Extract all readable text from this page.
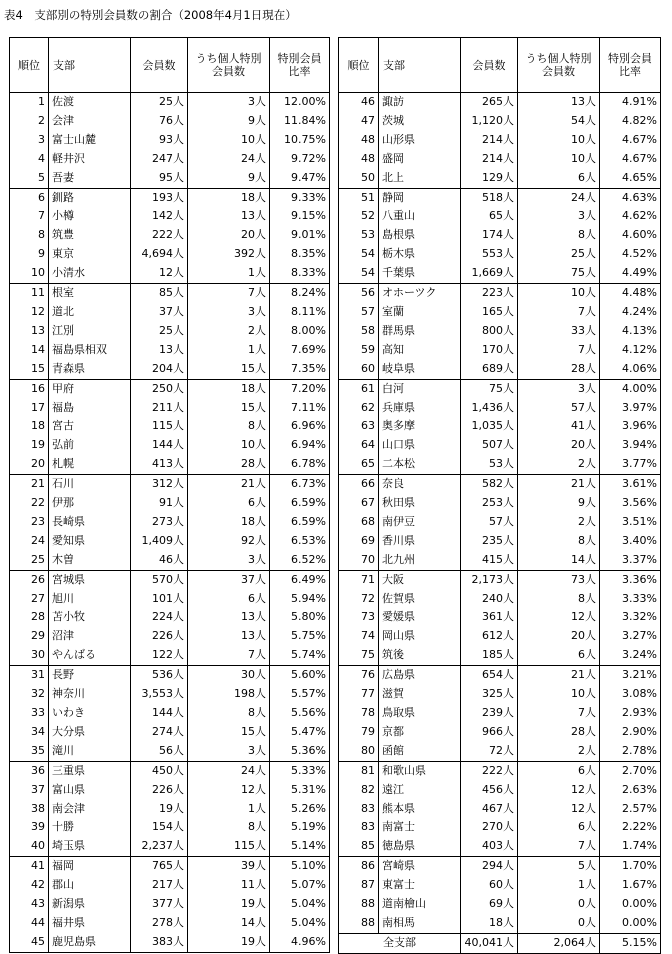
表4　支部別の特別会員数の割合（2008年4月1日現在）
順位	支部	会員数	うち個人特別
会員数	特別会員
比率
1	佐渡	25人	3人	12.00%
2	会津	76人	9人	11.84%
3	富士山麓	93人	10人	10.75%
4	軽井沢	247人	24人	9.72%
5	吾妻	95人	9人	9.47%
6	釧路	193人	18人	9.33%
7	小樽	142人	13人	9.15%
8	筑豊	222人	20人	9.01%
9	東京	4,694人	392人	8.35%
10	小清水	12人	1人	8.33%
11	根室	85人	7人	8.24%
12	道北	37人	3人	8.11%
13	江別	25人	2人	8.00%
14	福島県相双	13人	1人	7.69%
15	青森県	204人	15人	7.35%
16	甲府	250人	18人	7.20%
17	福島	211人	15人	7.11%
18	宮古	115人	8人	6.96%
19	弘前	144人	10人	6.94%
20	札幌	413人	28人	6.78%
21	石川	312人	21人	6.73%
22	伊那	91人	6人	6.59%
23	長崎県	273人	18人	6.59%
24	愛知県	1,409人	92人	6.53%
25	木曽	46人	3人	6.52%
26	宮城県	570人	37人	6.49%
27	旭川	101人	6人	5.94%
28	苫小牧	224人	13人	5.80%
29	沼津	226人	13人	5.75%
30	やんばる	122人	7人	5.74%
31	長野	536人	30人	5.60%
32	神奈川	3,553人	198人	5.57%
33	いわき	144人	8人	5.56%
34	大分県	274人	15人	5.47%
35	滝川	56人	3人	5.36%
36	三重県	450人	24人	5.33%
37	富山県	226人	12人	5.31%
38	南会津	19人	1人	5.26%
39	十勝	154人	8人	5.19%
40	埼玉県	2,237人	115人	5.14%
41	福岡	765人	39人	5.10%
42	郡山	217人	11人	5.07%
43	新潟県	377人	19人	5.04%
44	福井県	278人	14人	5.04%
45	鹿児島県	383人	19人	4.96%
順位	支部	会員数	うち個人特別
会員数	特別会員
比率
46	諏訪	265人	13人	4.91%
47	茨城	1,120人	54人	4.82%
48	山形県	214人	10人	4.67%
48	盛岡	214人	10人	4.67%
50	北上	129人	6人	4.65%
51	静岡	518人	24人	4.63%
52	八重山	65人	3人	4.62%
53	島根県	174人	8人	4.60%
54	栃木県	553人	25人	4.52%
54	千葉県	1,669人	75人	4.49%
56	オホーツク	223人	10人	4.48%
57	室蘭	165人	7人	4.24%
58	群馬県	800人	33人	4.13%
59	高知	170人	7人	4.12%
60	岐阜県	689人	28人	4.06%
61	白河	75人	3人	4.00%
62	兵庫県	1,436人	57人	3.97%
63	奥多摩	1,035人	41人	3.96%
64	山口県	507人	20人	3.94%
65	二本松	53人	2人	3.77%
66	奈良	582人	21人	3.61%
67	秋田県	253人	9人	3.56%
68	南伊豆	57人	2人	3.51%
69	香川県	235人	8人	3.40%
70	北九州	415人	14人	3.37%
71	大阪	2,173人	73人	3.36%
72	佐賀県	240人	8人	3.33%
73	愛媛県	361人	12人	3.32%
74	岡山県	612人	20人	3.27%
75	筑後	185人	6人	3.24%
76	広島県	654人	21人	3.21%
77	滋賀	325人	10人	3.08%
78	鳥取県	239人	7人	2.93%
79	京都	966人	28人	2.90%
80	函館	72人	2人	2.78%
81	和歌山県	222人	6人	2.70%
82	遠江	456人	12人	2.63%
83	熊本県	467人	12人	2.57%
83	南富士	270人	6人	2.22%
85	徳島県	403人	7人	1.74%
86	宮崎県	294人	5人	1.70%
87	東富士	60人	1人	1.67%
88	道南檜山	69人	0人	0.00%
88	南相馬	18人	0人	0.00%
全支部		40,041人	2,064人	5.15%
